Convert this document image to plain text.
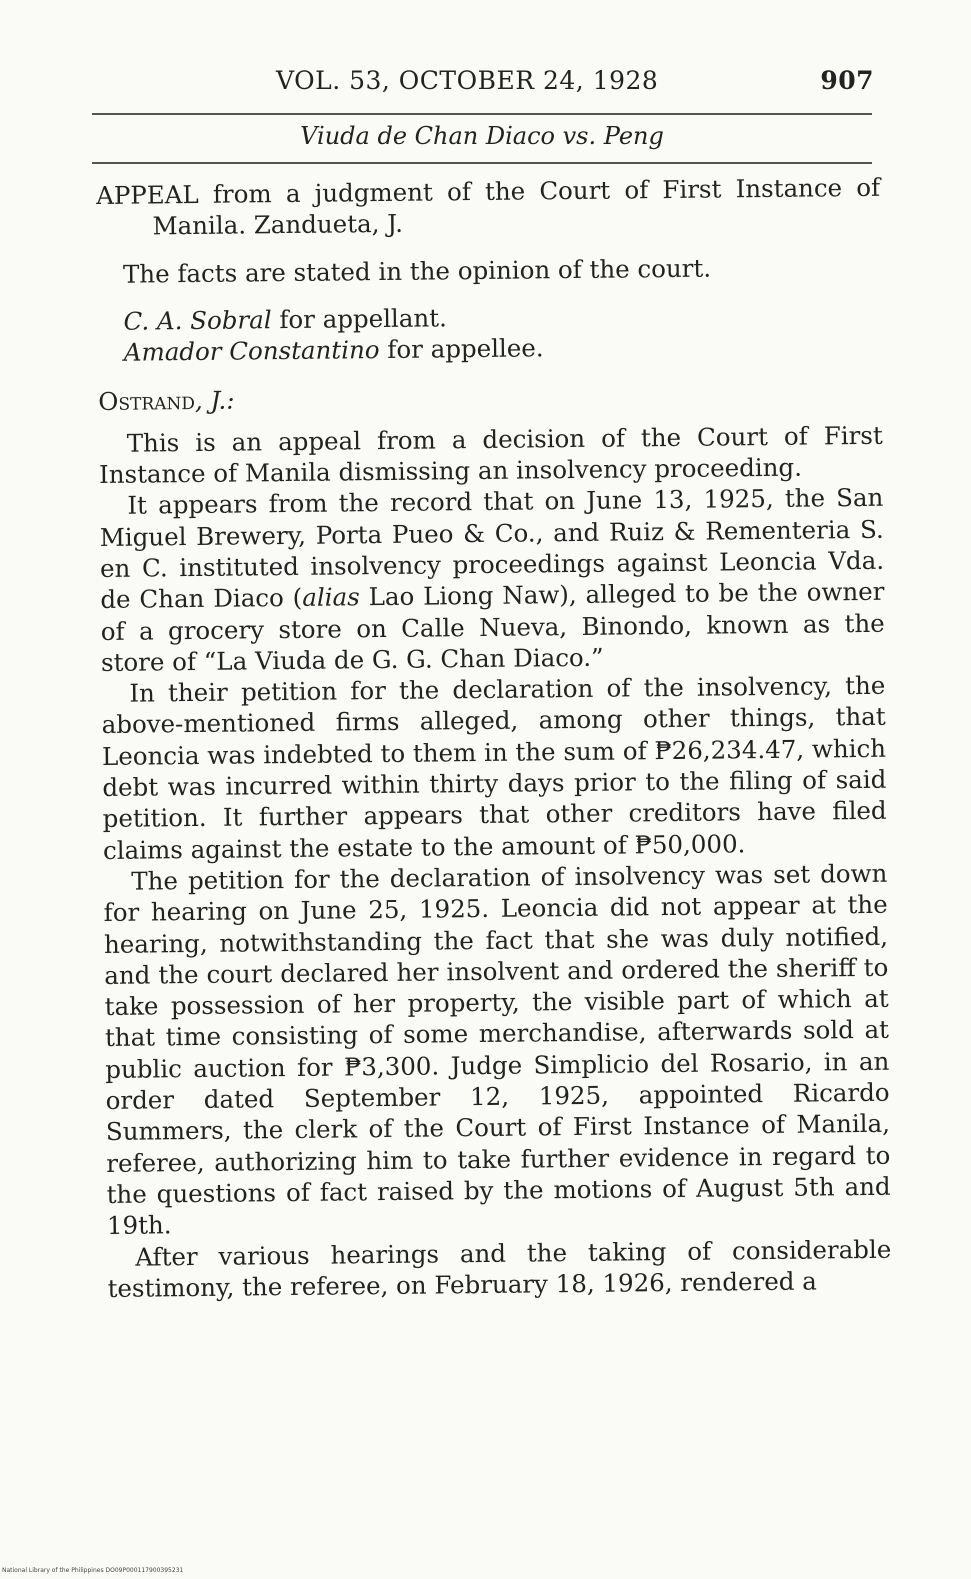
VOL. 53, OCTOBER 24, 1928	907
Viuda de Chan Diaco vs. Peng

APPEAL from a judgment of the Court of First Instance of Manila. Zandueta, J.

The facts are stated in the opinion of the court.

C. A. Sobral for appellant.

Amador Constantino for appellee.

Ostrand, J.:

This is an appeal from a decision of the Court of First Instance of Manila dismissing an insolvency proceeding.

It appears from the record that on June 13, 1925, the San Miguel Brewery, Porta Pueo & Co., and Ruiz & Rementeria S. en C. instituted insolvency proceedings against Leoncia Vda. de Chan Diaco (alias Lao Liong Naw), alleged to be the owner of a grocery store on Calle Nueva, Binondo, known as the store of “La Viuda de G. G. Chan Diaco.”

In their petition for the declaration of the insolvency, the above-mentioned firms alleged, among other things, that Leoncia was indebted to them in the sum of ₱26,234.47, which debt was incurred within thirty days prior to the filing of said petition. It further appears that other creditors have filed claims against the estate to the amount of ₱50,000.

The petition for the declaration of insolvency was set down for hearing on June 25, 1925. Leoncia did not appear at the hearing, notwithstanding the fact that she was duly notified, and the court declared her insolvent and ordered the sheriff to take possession of her property, the visible part of which at that time consisting of some merchandise, afterwards sold at public auction for ₱3,300. Judge Simplicio del Rosario, in an order dated September 12, 1925, appointed Ricardo Summers, the clerk of the Court of First Instance of Manila, referee, authorizing him to take further evidence in regard to the questions of fact raised by the motions of August 5th and 19th.

After various hearings and the taking of considerable testimony, the referee, on February 18, 1926, rendered a

National Library of the Philippines DO09P000117900395231
